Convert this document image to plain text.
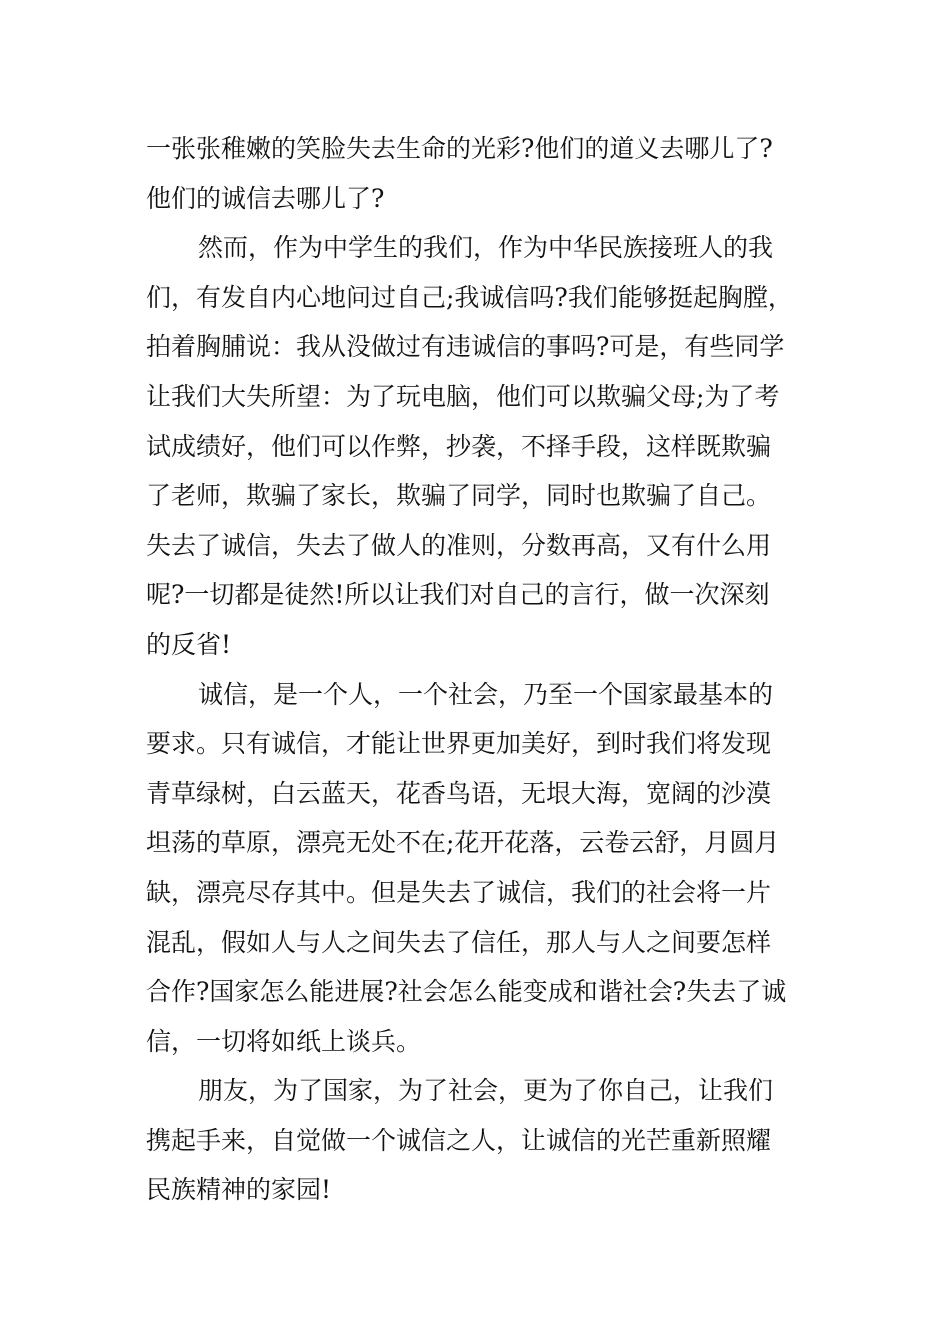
一张张稚嫩的笑脸失去生命的光彩?他们的道义去哪儿了?
他们的诚信去哪儿了?
然而，作为中学生的我们，作为中华民族接班人的我
们，有发自内心地问过自己;我诚信吗?我们能够挺起胸膛，
拍着胸脯说：我从没做过有违诚信的事吗?可是，有些同学
让我们大失所望：为了玩电脑，他们可以欺骗父母;为了考
试成绩好，他们可以作弊，抄袭，不择手段，这样既欺骗
了老师，欺骗了家长，欺骗了同学，同时也欺骗了自己。
失去了诚信，失去了做人的准则，分数再高，又有什么用
呢?一切都是徒然!所以让我们对自己的言行，做一次深刻
的反省!
诚信，是一个人，一个社会，乃至一个国家最基本的
要求。只有诚信，才能让世界更加美好，到时我们将发现
青草绿树，白云蓝天，花香鸟语，无垠大海，宽阔的沙漠
坦荡的草原，漂亮无处不在;花开花落，云卷云舒，月圆月
缺，漂亮尽存其中。但是失去了诚信，我们的社会将一片
混乱，假如人与人之间失去了信任，那人与人之间要怎样
合作?国家怎么能进展?社会怎么能变成和谐社会?失去了诚
信，一切将如纸上谈兵。
朋友，为了国家，为了社会，更为了你自己，让我们
携起手来，自觉做一个诚信之人，让诚信的光芒重新照耀
民族精神的家园!
